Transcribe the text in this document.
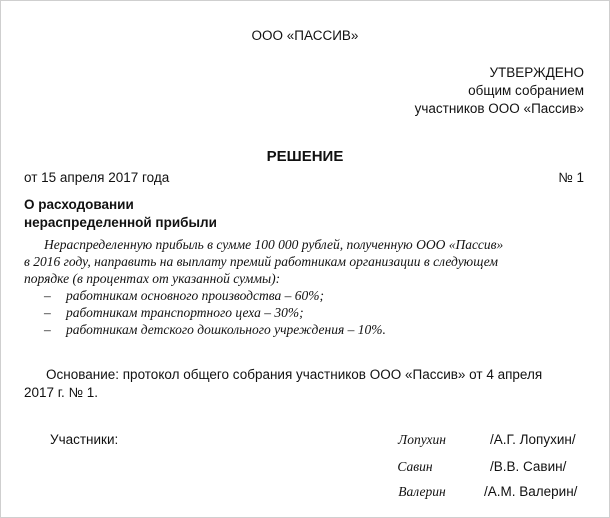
ООО «ПАССИВ»
УТВЕРЖДЕНО
общим собранием
участников ООО «Пассив»
РЕШЕНИЕ
от 15 апреля 2017 года	№ 1
О расходовании
нераспределенной прибыли
Нераспределенную прибыль в сумме 100 000 рублей, полученную ООО «Пассив»
в 2016 году, направить на выплату премий работникам организации в следующем
порядке (в процентах от указанной суммы):
– работникам основного производства – 60%;
– работникам транспортного цеха – 30%;
– работникам детского дошкольного учреждения – 10%.
Основание: протокол общего собрания участников ООО «Пассив» от 4 апреля
2017 г. № 1.
Участники:	Лопухин	/А.Г. Лопухин/
Савин	/В.В. Савин/
Валерин	/А.М. Валерин/
